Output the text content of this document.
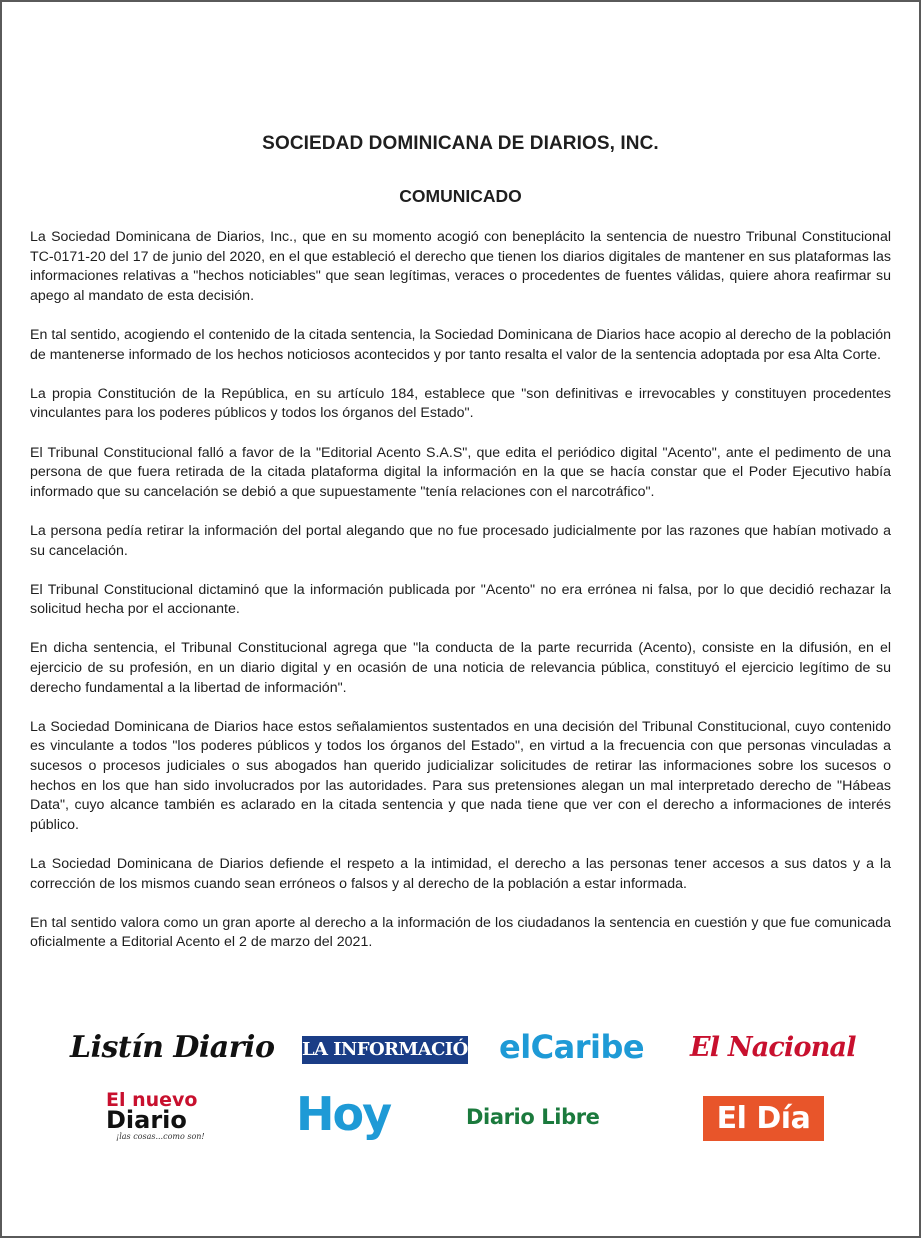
SOCIEDAD DOMINICANA DE DIARIOS, INC.
COMUNICADO

La Sociedad Dominicana de Diarios, Inc., que en su momento acogió con beneplácito la sentencia de nuestro Tribunal Constitucional TC-0171-20 del 17 de junio del 2020, en el que estableció el derecho que tienen los diarios digitales de mantener en sus plataformas las informaciones relativas a "hechos noticiables" que sean legítimas, veraces o procedentes de fuentes válidas, quiere ahora reafirmar su apego al mandato de esta decisión.

En tal sentido, acogiendo el contenido de la citada sentencia, la Sociedad Dominicana de Diarios hace acopio al derecho de la población de mantenerse informado de los hechos noticiosos acontecidos y por tanto resalta el valor de la sentencia adoptada por esa Alta Corte.

La propia Constitución de la República, en su artículo 184, establece que "son definitivas e irrevocables y constituyen procedentes vinculantes para los poderes públicos y todos los órganos del Estado".

El Tribunal Constitucional falló a favor de la "Editorial Acento S.A.S", que edita el periódico digital "Acento", ante el pedimento de una persona de que fuera retirada de la citada plataforma digital la información en la que se hacía constar que el Poder Ejecutivo había informado que su cancelación se debió a que supuestamente "tenía relaciones con el narcotráfico".

La persona pedía retirar la información del portal alegando que no fue procesado judicialmente por las razones que habían motivado a su cancelación.

El Tribunal Constitucional dictaminó que la información publicada por "Acento" no era errónea ni falsa, por lo que decidió rechazar la solicitud hecha por el accionante.

En dicha sentencia, el Tribunal Constitucional agrega que "la conducta de la parte recurrida (Acento), consiste en la difusión, en el ejercicio de su profesión, en un diario digital y en ocasión de una noticia de relevancia pública, constituyó el ejercicio legítimo de su derecho fundamental a la libertad de información".

La Sociedad Dominicana de Diarios hace estos señalamientos sustentados en una decisión del Tribunal Constitucional, cuyo contenido es vinculante a todos "los poderes públicos y todos los órganos del Estado", en virtud a la frecuencia con que personas vinculadas a sucesos o procesos judiciales o sus abogados han querido judicializar solicitudes de retirar las informaciones sobre los sucesos o hechos en los que han sido involucrados por las autoridades. Para sus pretensiones alegan un mal interpretado derecho de "Hábeas Data", cuyo alcance también es aclarado en la citada sentencia y que nada tiene que ver con el derecho a informaciones de interés público.

La Sociedad Dominicana de Diarios defiende el respeto a la intimidad, el derecho a las personas tener accesos a sus datos y a la corrección de los mismos cuando sean erróneos o falsos y al derecho de la población a estar informada.

En tal sentido valora como un gran aporte al derecho a la información de los ciudadanos la sentencia en cuestión y que fue comunicada oficialmente a Editorial Acento el 2 de marzo del 2021.

Listín Diario LA INFORMACIÓN elCaribe El Nacional
El nuevo
Diario
¡las cosas...como son! Hoy	Diario Libre	El Día
